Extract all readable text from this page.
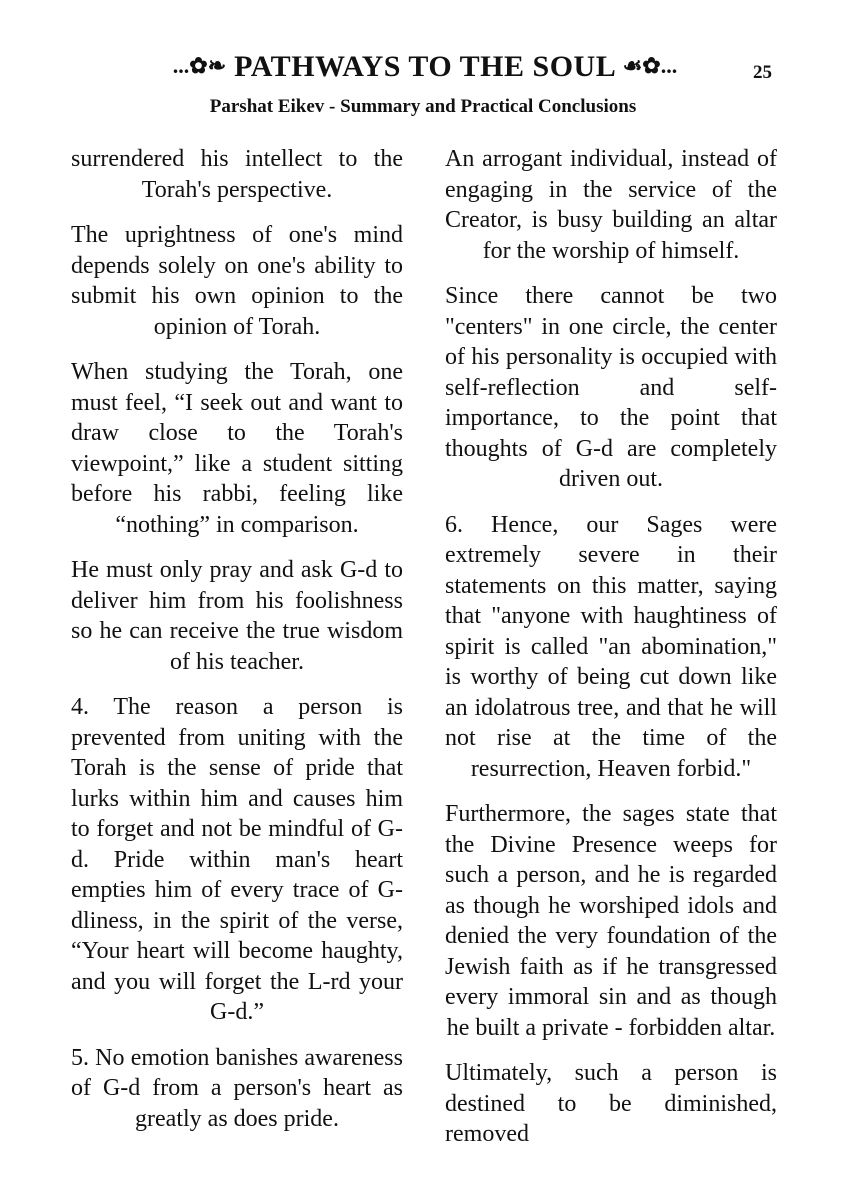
...✿❧ PATHWAYS TO THE SOUL ☙✿...	25
Parshat Eikev - Summary and Practical Conclusions

surrendered his intellect to the Torah's perspective.

The uprightness of one's mind depends solely on one's ability to submit his own opinion to the opinion of Torah.

When studying the Torah, one must feel, “I seek out and want to draw close to the Torah's viewpoint,” like a student sitting before his rabbi, feeling like “nothing” in comparison.

He must only pray and ask G-d to deliver him from his foolishness so he can receive the true wisdom of his teacher.

4. The reason a person is prevented from uniting with the Torah is the sense of pride that lurks within him and causes him to forget and not be mindful of G-d. Pride within man's heart empties him of every trace of G-dliness, in the spirit of the verse, “Your heart will become haughty, and you will forget the L-rd your G-d.”

5. No emotion banishes awareness of G-d from a person's heart as greatly as does pride.

An arrogant individual, instead of engaging in the service of the Creator, is busy building an altar for the worship of himself.

Since there cannot be two "centers" in one circle, the center of his personality is occupied with self-reflection and self-importance, to the point that thoughts of G-d are completely driven out.

6. Hence, our Sages were extremely severe in their statements on this matter, saying that "anyone with haughtiness of spirit is called "an abomination," is worthy of being cut down like an idolatrous tree, and that he will not rise at the time of the resurrection, Heaven forbid."

Furthermore, the sages state that the Divine Presence weeps for such a person, and he is regarded as though he worshiped idols and denied the very foundation of the Jewish faith as if he transgressed every immoral sin and as though he built a private - forbidden altar.

Ultimately, such a person is destined to be diminished, removed
